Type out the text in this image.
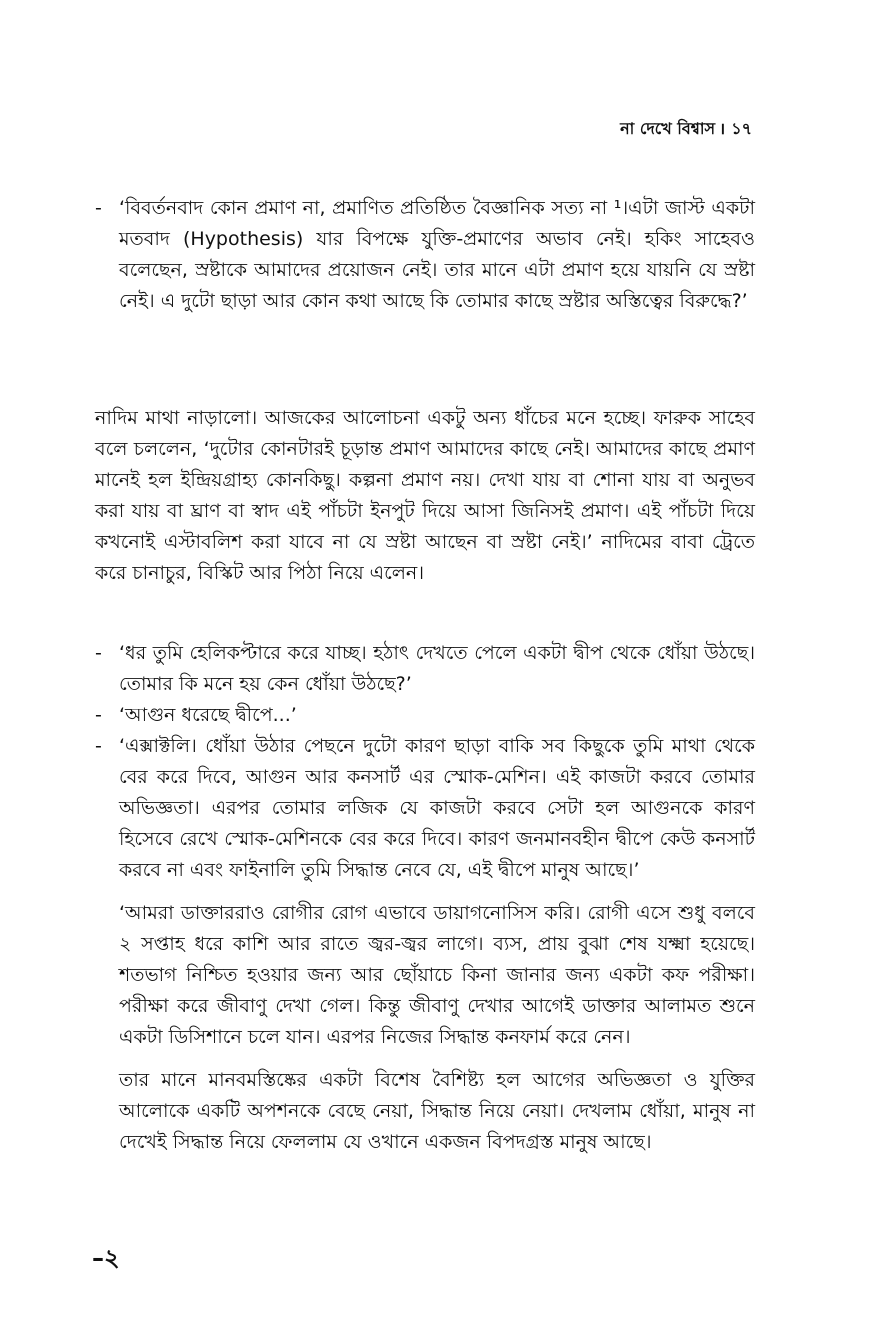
না দেখে বিশ্বাস । ১৭
- ‘বিবর্তনবাদ কোন প্রমাণ না, প্রমাণিত প্রতিষ্ঠিত বৈজ্ঞানিক সত্য না ¹।এটা জাস্ট একটা মতবাদ (Hypothesis) যার বিপক্ষে যুক্তি-প্রমাণের অভাব নেই। হকিং সাহেবও বলেছেন, স্রষ্টাকে আমাদের প্রয়োজন নেই। তার মানে এটা প্রমাণ হয়ে যায়নি যে স্রষ্টা নেই। এ দুটো ছাড়া আর কোন কথা আছে কি তোমার কাছে স্রষ্টার অস্তিত্বের বিরুদ্ধে?’

নাদিম মাথা নাড়ালো। আজকের আলোচনা একটু অন্য ধাঁচের মনে হচ্ছে। ফারুক সাহেব বলে চললেন, ‘দুটোর কোনটারই চূড়ান্ত প্রমাণ আমাদের কাছে নেই। আমাদের কাছে প্রমাণ মানেই হল ইন্দ্রিয়গ্রাহ্য কোনকিছু। কল্পনা প্রমাণ নয়। দেখা যায় বা শোনা যায় বা অনুভব করা যায় বা ঘ্রাণ বা স্বাদ এই পাঁচটা ইনপুট দিয়ে আসা জিনিসই প্রমাণ। এই পাঁচটা দিয়ে কখনোই এস্টাবলিশ করা যাবে না যে স্রষ্টা আছেন বা স্রষ্টা নেই।’ নাদিমের বাবা ট্রেতে করে চানাচুর, বিস্কিট আর পিঠা নিয়ে এলেন।

- ‘ধর তুমি হেলিকপ্টারে করে যাচ্ছ। হঠাৎ দেখতে পেলে একটা দ্বীপ থেকে ধোঁয়া উঠছে। তোমার কি মনে হয় কেন ধোঁয়া উঠছে?’

- ‘আগুন ধরেছে দ্বীপে...’

- ‘এক্সাক্টলি। ধোঁয়া উঠার পেছনে দুটো কারণ ছাড়া বাকি সব কিছুকে তুমি মাথা থেকে বের করে দিবে, আগুন আর কনসার্ট এর স্মোক-মেশিন। এই কাজটা করবে তোমার অভিজ্ঞতা। এরপর তোমার লজিক যে কাজটা করবে সেটা হল আগুনকে কারণ হিসেবে রেখে স্মোক-মেশিনকে বের করে দিবে। কারণ জনমানবহীন দ্বীপে কেউ কনসার্ট করবে না এবং ফাইনালি তুমি সিদ্ধান্ত নেবে যে, এই দ্বীপে মানুষ আছে।’

‘আমরা ডাক্তাররাও রোগীর রোগ এভাবে ডায়াগনোসিস করি। রোগী এসে শুধু বলবে ২ সপ্তাহ ধরে কাশি আর রাতে জ্বর-জ্বর লাগে। ব্যস, প্রায় বুঝা শেষ যক্ষ্মা হয়েছে। শতভাগ নিশ্চিত হওয়ার জন্য আর ছোঁয়াচে কিনা জানার জন্য একটা কফ পরীক্ষা। পরীক্ষা করে জীবাণু দেখা গেল। কিন্তু জীবাণু দেখার আগেই ডাক্তার আলামত শুনে একটা ডিসিশানে চলে যান। এরপর নিজের সিদ্ধান্ত কনফার্ম করে নেন।

তার মানে মানবমস্তিষ্কের একটা বিশেষ বৈশিষ্ট্য হল আগের অভিজ্ঞতা ও যুক্তির আলোকে একটি অপশনকে বেছে নেয়া, সিদ্ধান্ত নিয়ে নেয়া। দেখলাম ধোঁয়া, মানুষ না দেখেই সিদ্ধান্ত নিয়ে ফেললাম যে ওখানে একজন বিপদগ্রস্ত মানুষ আছে।

–২
